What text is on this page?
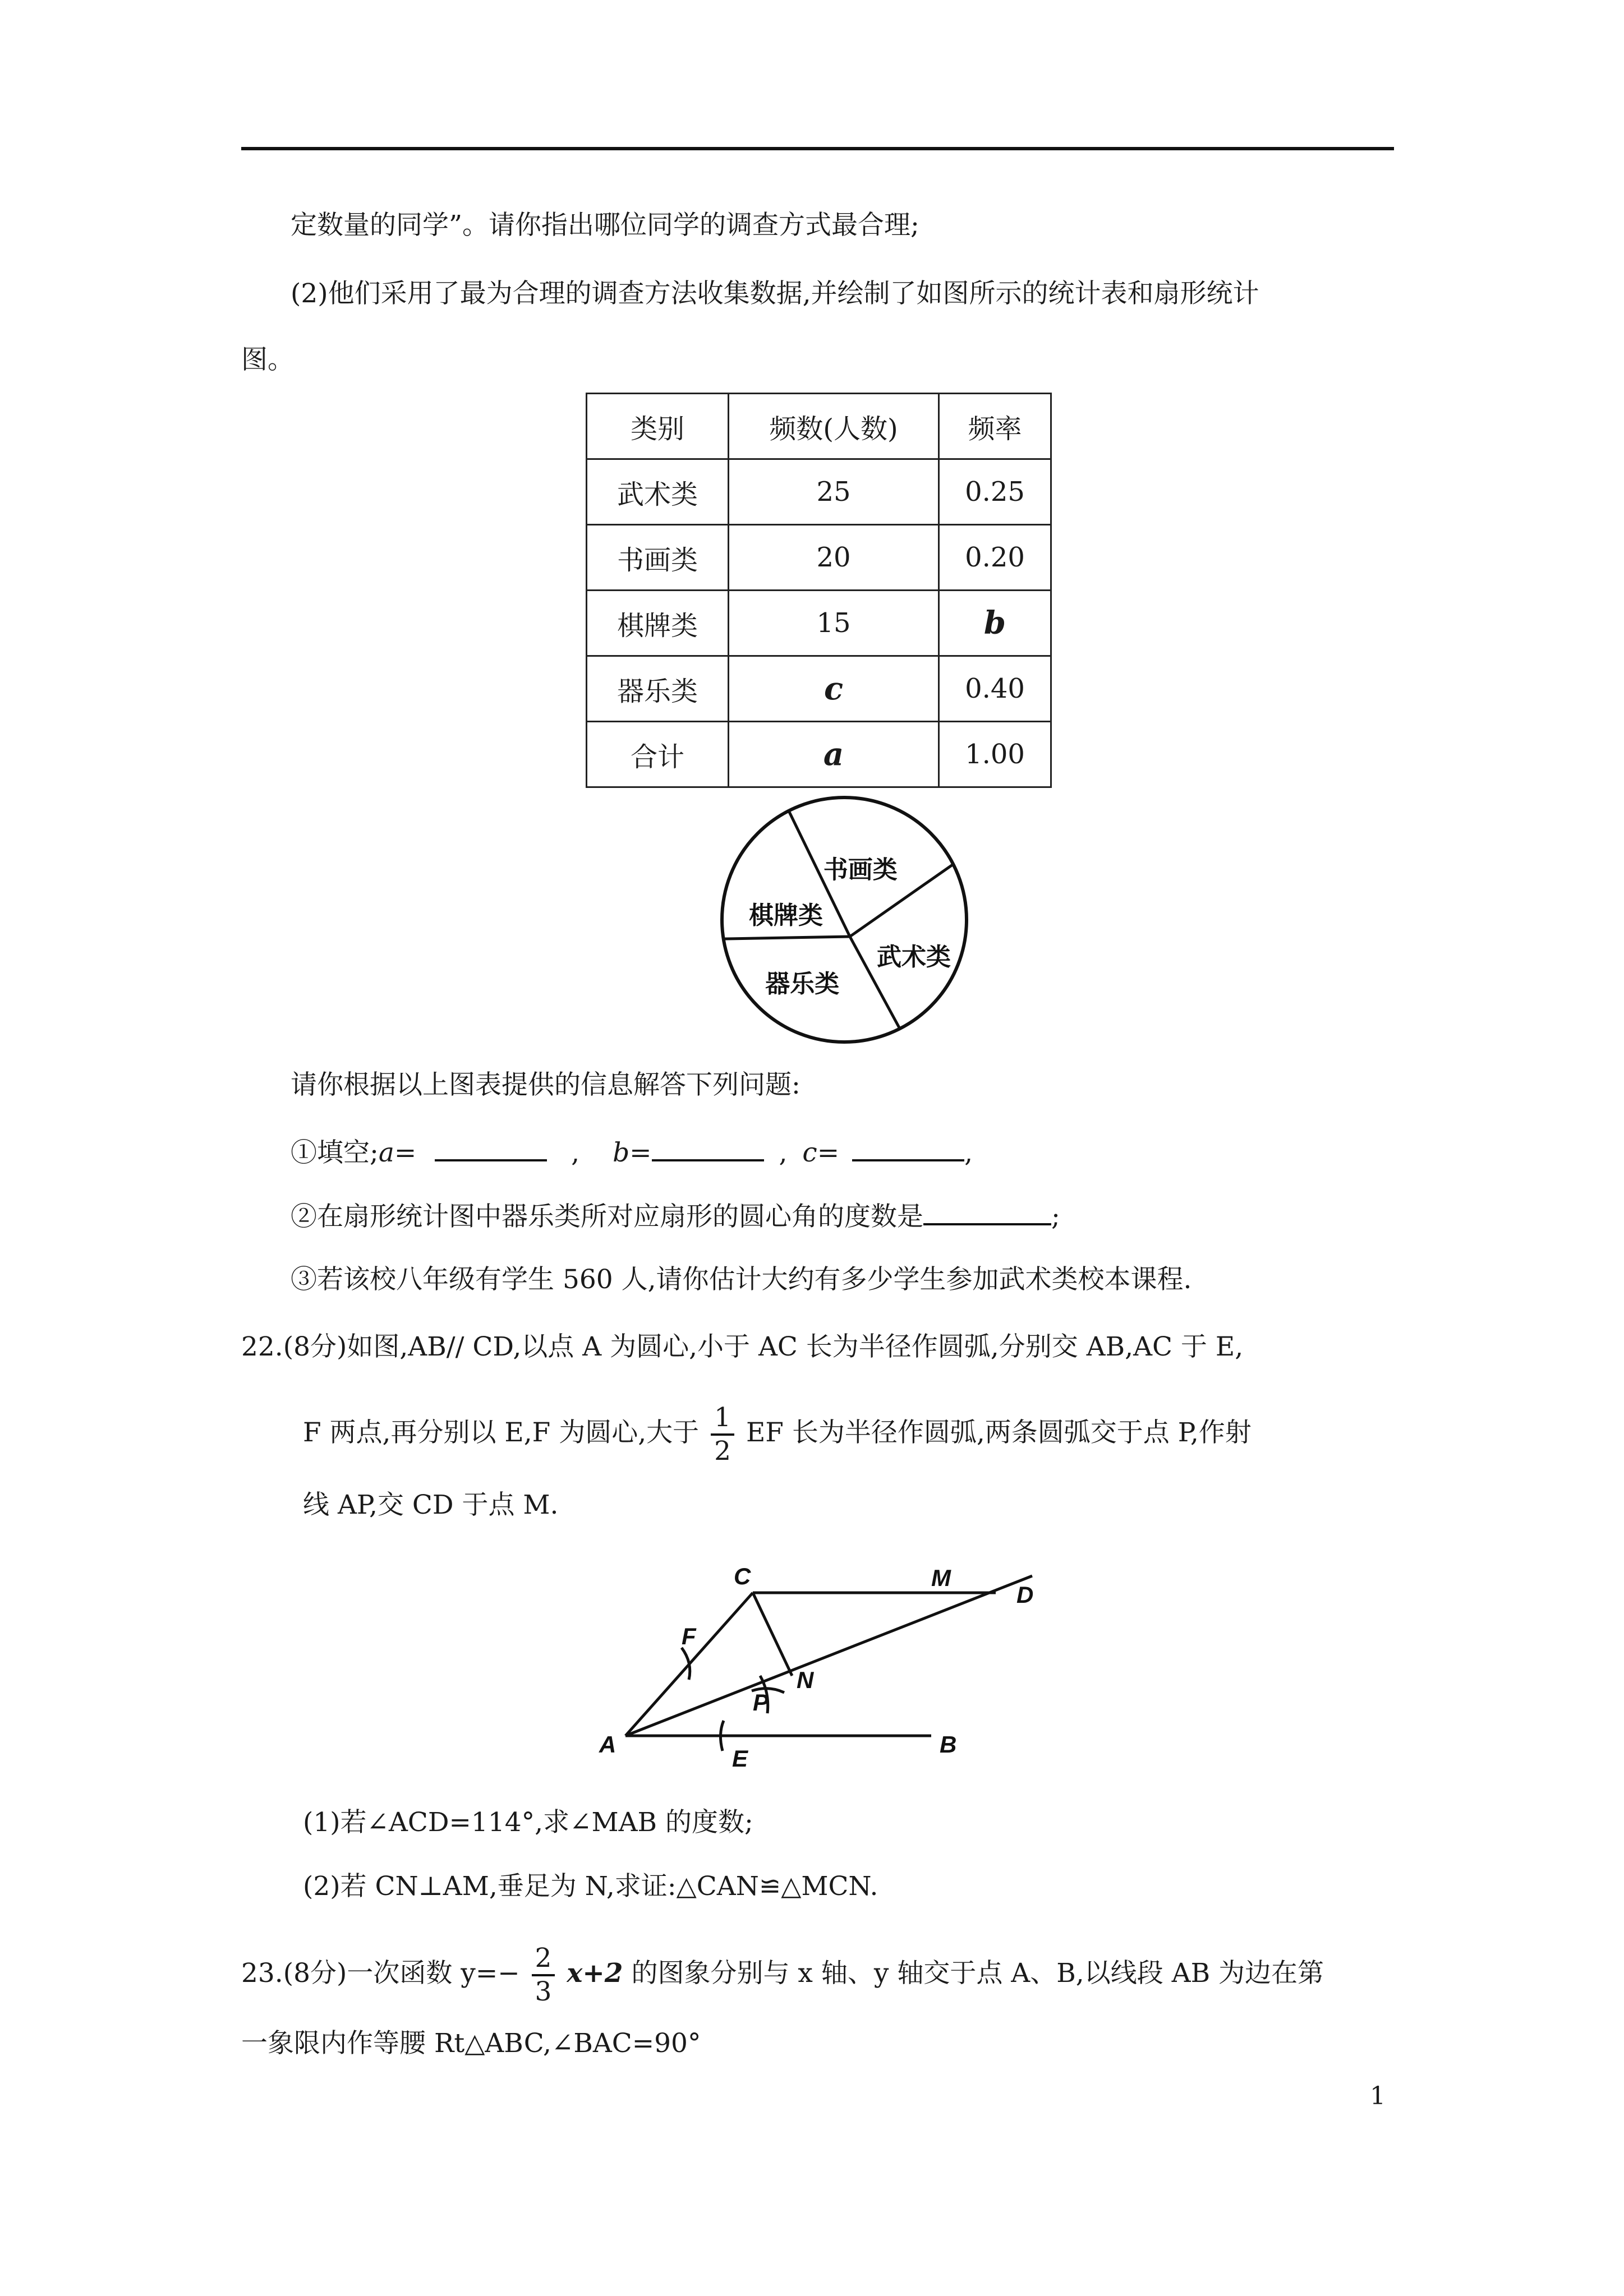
定数量的同学”。请你指出哪位同学的调查方式最合理;
(2)他们采用了最为合理的调查方法收集数据,并绘制了如图所示的统计表和扇形统计
图。
类别	频数(人数)	频率
武术类	25	0.25
书画类	20	0.20
棋牌类	15	b
器乐类	c	0.40
合计	a	1.00
武术类
书画类
棋牌类
器乐类
请你根据以上图表提供的信息解答下列问题:
①填空;a=	, b=	, c=	,
②在扇形统计图中器乐类所对应扇形的圆心角的度数是	;
③若该校八年级有学生 560 人,请你估计大约有多少学生参加武术类校本课程.
22.(8分)如图,AB// CD,以点 A 为圆心,小于 AC 长为半径作圆弧,分别交 AB,AC 于 E,
F 两点,再分别以 E,F 为圆心,大于 $\frac{1}{2}$ EF 长为半径作圆弧,两条圆弧交于点 P,作射
线 AP,交 CD 于点 M.
A	B
C
D
E
F
M
N
P
(1)若∠ACD=114°,求∠MAB 的度数;
(2)若 CN⊥AM,垂足为 N,求证:△CAN≌△MCN.
23.(8分)一次函数 $y=- \frac{2}{3} x+2$ 的图象分别与 x 轴、y 轴交于点 A、B,以线段 AB 为边在第
一象限内作等腰 Rt△ABC,∠BAC=90°
1
